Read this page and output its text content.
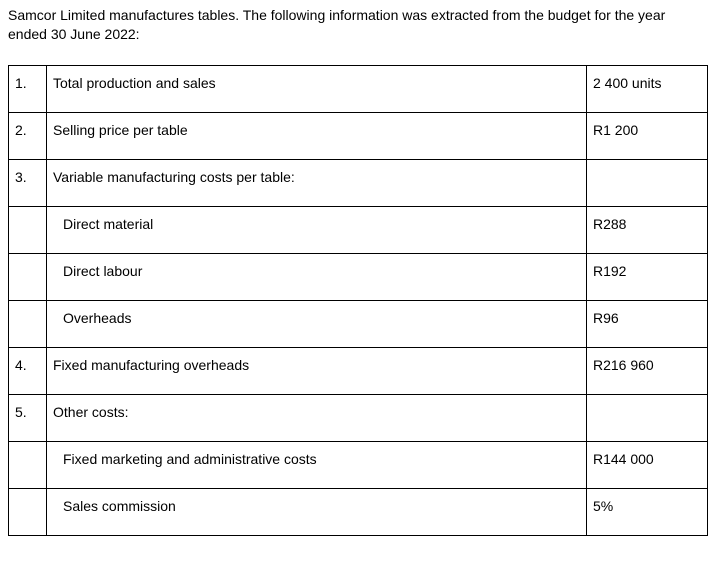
Samcor Limited manufactures tables. The following information was extracted from the budget for the year ended 30 June 2022:
1.	Total production and sales	2 400 units
2.	Selling price per table	R1 200
3.	Variable manufacturing costs per table:	
	Direct material	R288
	Direct labour	R192
	Overheads	R96
4.	Fixed manufacturing overheads	R216 960
5.	Other costs:	
	Fixed marketing and administrative costs	R144 000
	Sales commission	5%
